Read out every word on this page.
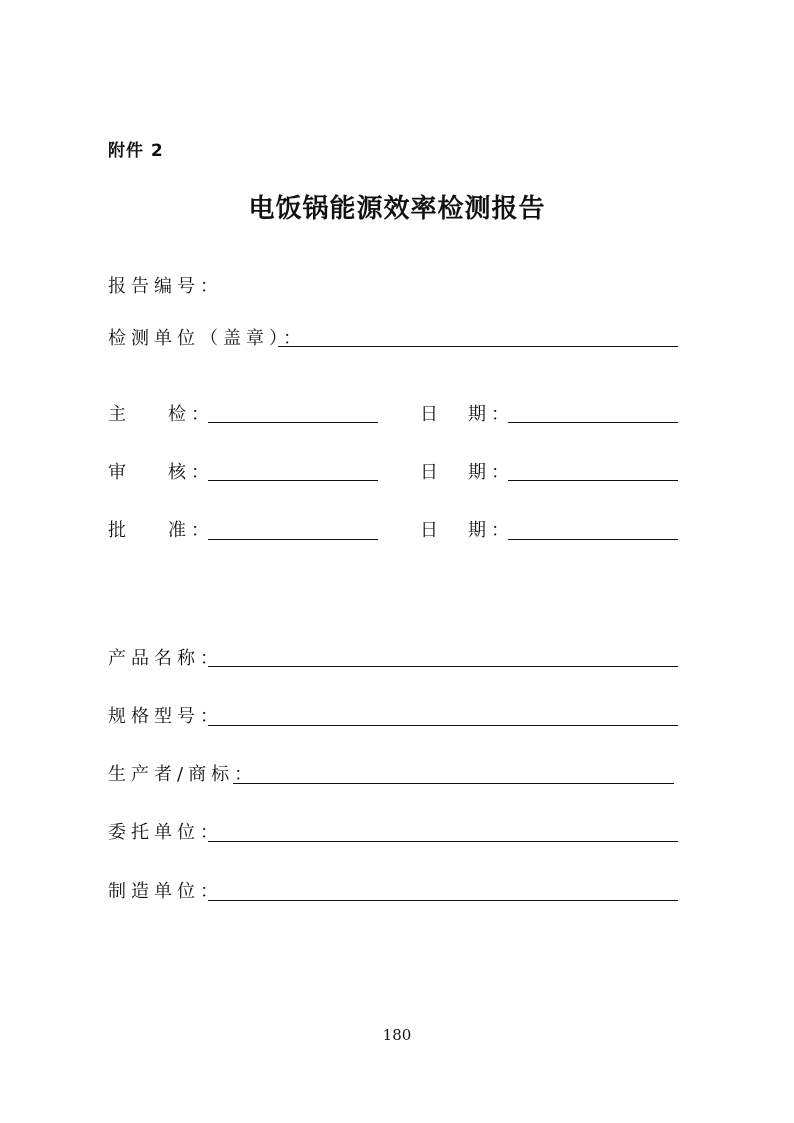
附件 2
电饭锅能源效率检测报告
报告编号：
检测单位（盖章）：
主 检：	日 期：
审 核：	日 期：
批 准：	日 期：
产品名称：
规格型号：
生产者/商标：
委托单位：
制造单位：
180
